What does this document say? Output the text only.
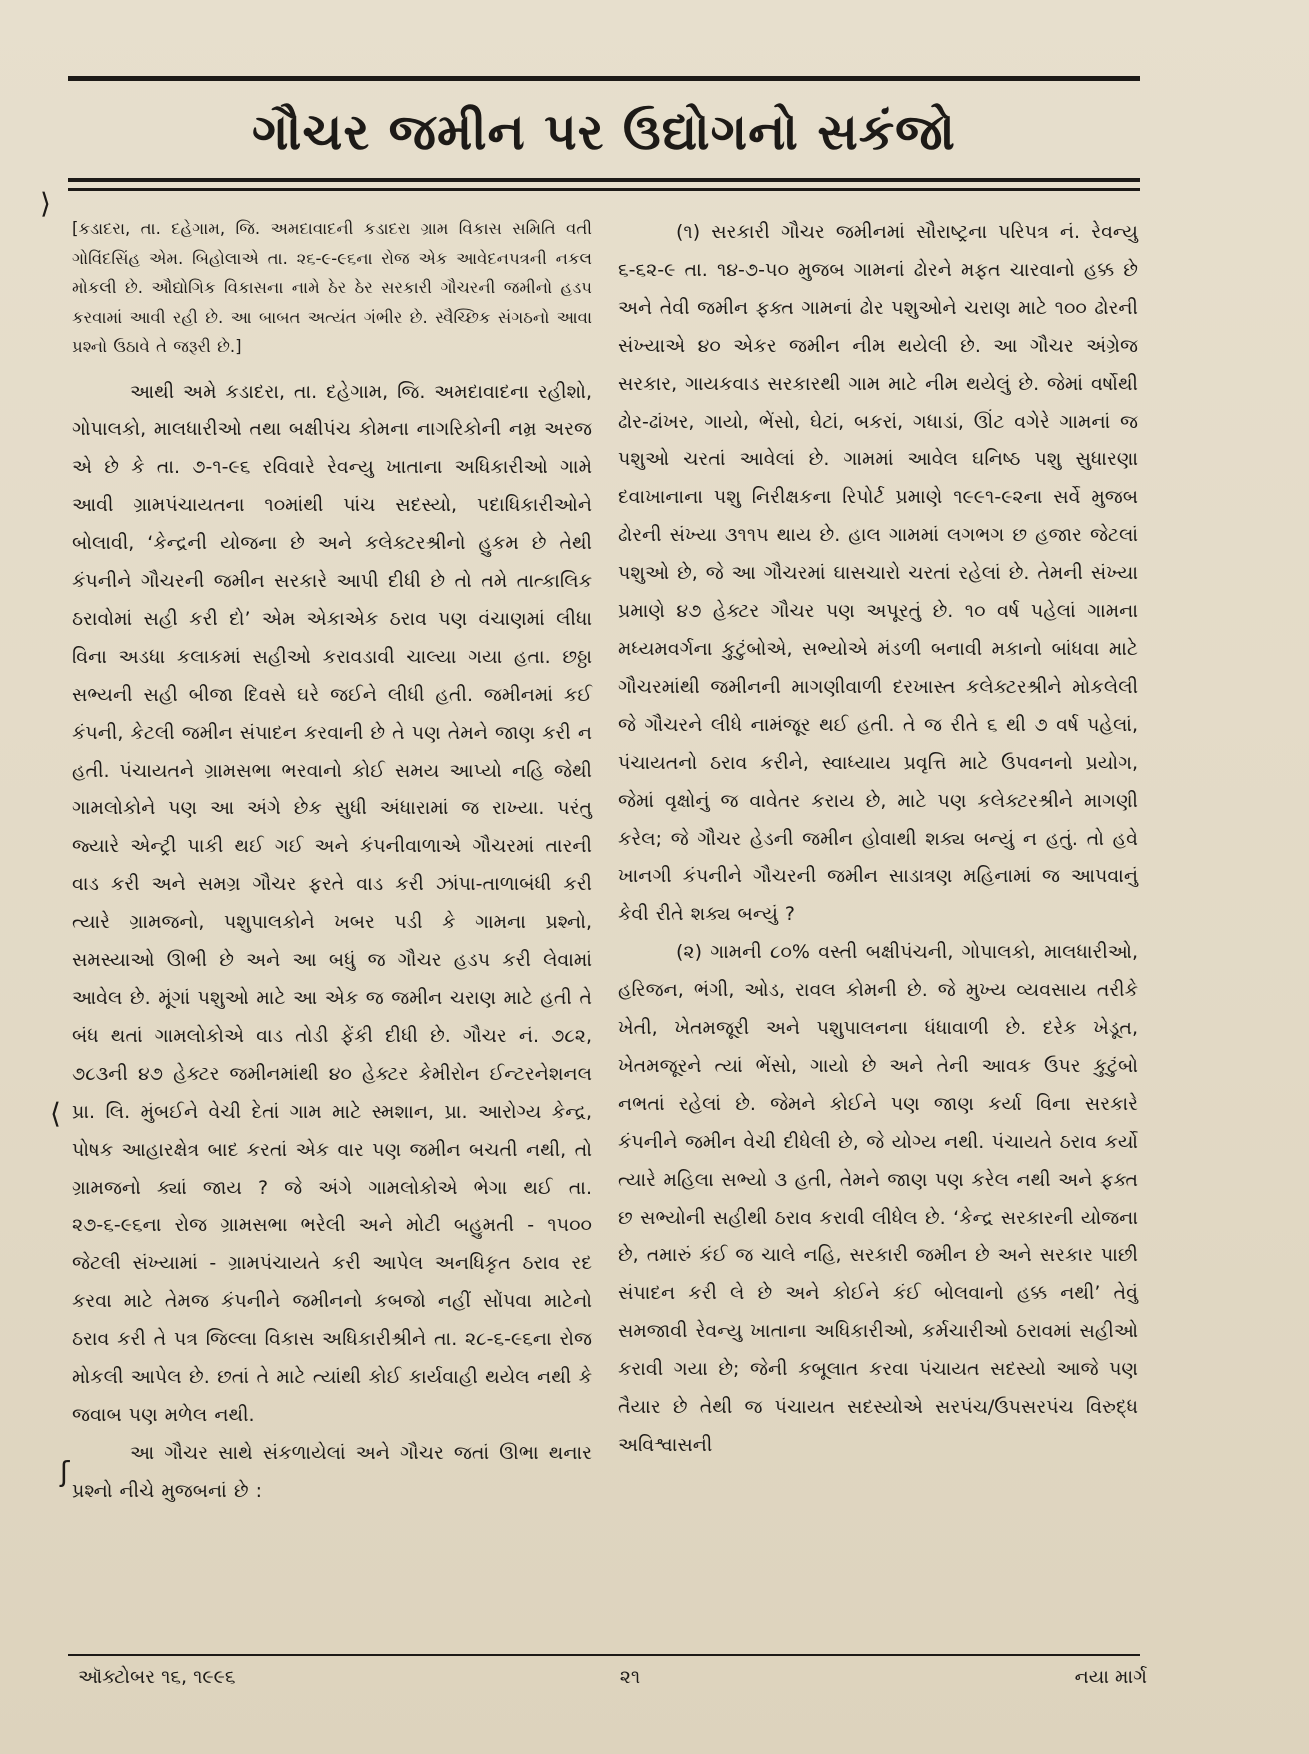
ગૌચર જમીન પર ઉદ્યોગનો સકંજો

[કડાદરા, તા. દહેગામ, જિ. અમદાવાદની કડાદરા ગ્રામ વિકાસ સમિતિ વતી ગોવિંદસિંહ એમ. બિહોલાએ તા. ૨૬-૯-૯૬ના રોજ એક આવેદનપત્રની નકલ મોકલી છે. ઔદ્યોગિક વિકાસના નામે ઠેર ઠેર સરકારી ગૌચરની જમીનો હડપ કરવામાં આવી રહી છે. આ બાબત અત્યંત ગંભીર છે. સ્વૈચ્છિક સંગઠનો આવા પ્રશ્નો ઉઠાવે તે જરૂરી છે.]

આથી અમે કડાદરા, તા. દહેગામ, જિ. અમદાવાદના રહીશો, ગોપાલકો, માલધારીઓ તથા બક્ષીપંચ કોમના નાગરિકોની નમ્ર અરજ એ છે કે તા. ૭-૧-૯૬ રવિવારે રેવન્યુ ખાતાના અધિકારીઓ ગામે આવી ગ્રામપંચાયતના ૧૦માંથી પાંચ સદસ્યો, પદાધિકારીઓને બોલાવી, ‘કેન્દ્રની યોજના છે અને કલેક્ટરશ્રીનો હુકમ છે તેથી કંપનીને ગૌચરની જમીન સરકારે આપી દીધી છે તો તમે તાત્કાલિક ઠરાવોમાં સહી કરી દો’ એમ એકાએક ઠરાવ પણ વંચાણમાં લીધા વિના અડધા કલાકમાં સહીઓ કરાવડાવી ચાલ્યા ગયા હતા. છઠ્ઠા સભ્યની સહી બીજા દિવસે ઘરે જઈને લીધી હતી. જમીનમાં કઈ કંપની, કેટલી જમીન સંપાદન કરવાની છે તે પણ તેમને જાણ કરી ન હતી. પંચાયતને ગ્રામસભા ભરવાનો કોઈ સમય આપ્યો નહિ જેથી ગામલોકોને પણ આ અંગે છેક સુધી અંધારામાં જ રાખ્યા. પરંતુ જ્યારે એન્ટ્રી પાકી થઈ ગઈ અને કંપનીવાળાએ ગૌચરમાં તારની વાડ કરી અને સમગ્ર ગૌચર ફરતે વાડ કરી ઝાંપા-તાળાબંધી કરી ત્યારે ગ્રામજનો, પશુપાલકોને ખબર પડી કે ગામના પ્રશ્નો, સમસ્યાઓ ઊભી છે અને આ બધું જ ગૌચર હડપ કરી લેવામાં આવેલ છે. મૂંગાં પશુઓ માટે આ એક જ જમીન ચરાણ માટે હતી તે બંધ થતાં ગામલોકોએ વાડ તોડી ફેંકી દીધી છે. ગૌચર નં. ૭૮૨, ૭૮૩ની ૪૭ હેક્ટર જમીનમાંથી ૪૦ હેક્ટર કેમીરોન ઈન્ટરનેશનલ પ્રા. લિ. મુંબઈને વેચી દેતાં ગામ માટે સ્મશાન, પ્રા. આરોગ્ય કેન્દ્ર, પોષક આહારક્ષેત્ર બાદ કરતાં એક વાર પણ જમીન બચતી નથી, તો ગ્રામજનો ક્યાં જાય ? જે અંગે ગામલોકોએ ભેગા થઈ તા. ૨૭-૬-૯૬ના રોજ ગ્રામસભા ભરેલી અને મોટી બહુમતી - ૧૫૦૦ જેટલી સંખ્યામાં - ગ્રામપંચાયતે કરી આપેલ અનધિકૃત ઠરાવ રદ કરવા માટે તેમજ કંપનીને જમીનનો કબજો નહીં સોંપવા માટેનો ઠરાવ કરી તે પત્ર જિલ્લા વિકાસ અધિકારીશ્રીને તા. ૨૮-૬-૯૬ના રોજ મોકલી આપેલ છે. છતાં તે માટે ત્યાંથી કોઈ કાર્યવાહી થયેલ નથી કે જવાબ પણ મળેલ નથી.

આ ગૌચર સાથે સંકળાયેલાં અને ગૌચર જતાં ઊભા થનાર પ્રશ્નો નીચે મુજબનાં છે :

(૧) સરકારી ગૌચર જમીનમાં સૌરાષ્ટ્રના પરિપત્ર નં. રેવન્યુ ૬-૬૨-૯ તા. ૧૪-૭-૫૦ મુજબ ગામનાં ઢોરને મફત ચારવાનો હક્ક છે અને તેવી જમીન ફક્ત ગામનાં ઢોર પશુઓને ચરાણ માટે ૧૦૦ ઢોરની સંખ્યાએ ૪૦ એકર જમીન નીમ થયેલી છે. આ ગૌચર અંગ્રેજ સરકાર, ગાયકવાડ સરકારથી ગામ માટે નીમ થયેલું છે. જેમાં વર્ષોથી ઢોર-ઢાંખર, ગાયો, ભેંસો, ઘેટાં, બકરાં, ગધાડાં, ઊંટ વગેરે ગામનાં જ પશુઓ ચરતાં આવેલાં છે. ગામમાં આવેલ ઘનિષ્ઠ પશુ સુધારણા દવાખાનાના પશુ નિરીક્ષકના રિપોર્ટ પ્રમાણે ૧૯૯૧-૯૨ના સર્વે મુજબ ઢોરની સંખ્યા ૩૧૧૫ થાય છે. હાલ ગામમાં લગભગ છ હજાર જેટલાં પશુઓ છે, જે આ ગૌચરમાં ઘાસચારો ચરતાં રહેલાં છે. તેમની સંખ્યા પ્રમાણે ૪૭ હેક્ટર ગૌચર પણ અપૂરતું છે. ૧૦ વર્ષ પહેલાં ગામના મધ્યમવર્ગના કુટુંબોએ, સભ્યોએ મંડળી બનાવી મકાનો બાંધવા માટે ગૌચરમાંથી જમીનની માગણીવાળી દરખાસ્ત કલેક્ટરશ્રીને મોકલેલી જે ગૌચરને લીધે નામંજૂર થઈ હતી. તે જ રીતે ૬ થી ૭ વર્ષ પહેલાં, પંચાયતનો ઠરાવ કરીને, સ્વાધ્યાય પ્રવૃત્તિ માટે ઉપવનનો પ્રયોગ, જેમાં વૃક્ષોનું જ વાવેતર કરાય છે, માટે પણ કલેક્ટરશ્રીને માગણી કરેલ; જે ગૌચર હેડની જમીન હોવાથી શક્ય બન્યું ન હતું. તો હવે ખાનગી કંપનીને ગૌચરની જમીન સાડાત્રણ મહિનામાં જ આપવાનું કેવી રીતે શક્ય બન્યું ?

(૨) ગામની ૮૦% વસ્તી બક્ષીપંચની, ગોપાલકો, માલધારીઓ, હરિજન, ભંગી, ઓડ, રાવલ કોમની છે. જે મુખ્ય વ્યવસાય તરીકે ખેતી, ખેતમજૂરી અને પશુપાલનના ધંધાવાળી છે. દરેક ખેડૂત, ખેતમજૂરને ત્યાં ભેંસો, ગાયો છે અને તેની આવક ઉપર કુટુંબો નભતાં રહેલાં છે. જેમને કોઈને પણ જાણ કર્યા વિના સરકારે કંપનીને જમીન વેચી દીધેલી છે, જે યોગ્ય નથી. પંચાયતે ઠરાવ કર્યો ત્યારે મહિલા સભ્યો ૩ હતી, તેમને જાણ પણ કરેલ નથી અને ફક્ત છ સભ્યોની સહીથી ઠરાવ કરાવી લીધેલ છે. ‘કેન્દ્ર સરકારની યોજના છે, તમારું કંઈ જ ચાલે નહિ, સરકારી જમીન છે અને સરકાર પાછી સંપાદન કરી લે છે અને કોઈને કંઈ બોલવાનો હક્ક નથી’ તેવું સમજાવી રેવન્યુ ખાતાના અધિકારીઓ, કર્મચારીઓ ઠરાવમાં સહીઓ કરાવી ગયા છે; જેની કબૂલાત કરવા પંચાયત સદસ્યો આજે પણ તૈયાર છે તેથી જ પંચાયત સદસ્યોએ સરપંચ/ઉપસરપંચ વિરુદ્ધ અવિશ્વાસની

⟩
⟨
ʃ
ઑક્ટોબર ૧૬, ૧૯૯૬	૨૧	નયા માર્ગ
